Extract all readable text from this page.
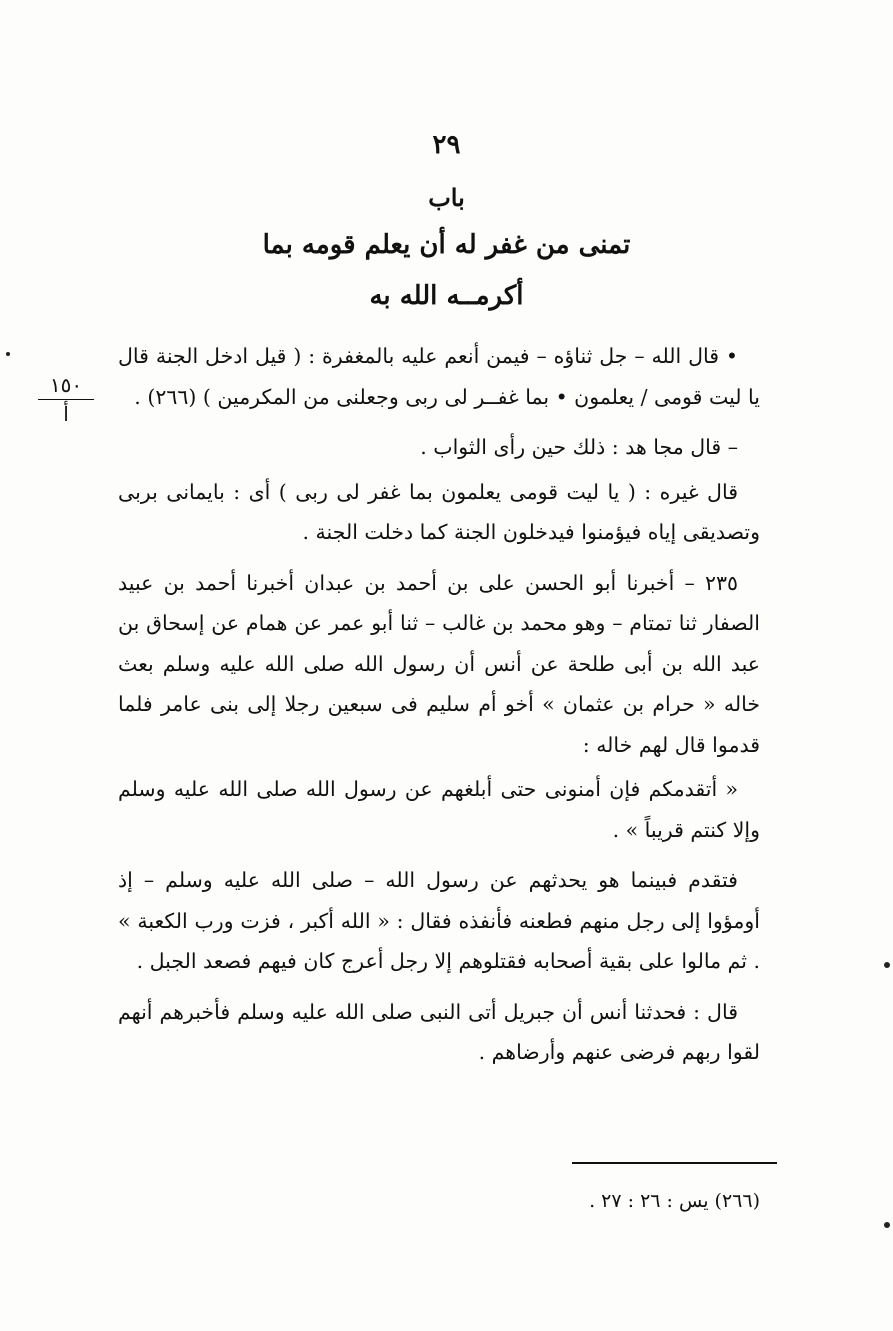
٢٩
باب
تمنى من غفر له أن يعلم قومه بما
أكرمــه الله به
١٥٠
أ

• قال الله – جل ثناؤه – فيمن أنعم عليه بالمغفرة : ( قيل ادخل الجنة قال يا ليت قومى / يعلمون • بما غفــر لى ربى وجعلنى من المكرمين ) (٢٦٦) .

– قال مجا هد : ذلك حين رأى الثواب .

قال غيره : ( يا ليت قومى يعلمون بما غفر لى ربى ) أى : بايمانى بربى وتصديقى إياه فيؤمنوا فيدخلون الجنة كما دخلت الجنة .

٢٣٥ – أخبرنا أبو الحسن على بن أحمد بن عبدان أخبرنا أحمد بن عبيد الصفار ثنا تمتام – وهو محمد بن غالب – ثنا أبو عمر عن همام عن إسحاق بن عبد الله بن أبى طلحة عن أنس أن رسول الله صلى الله عليه وسلم بعث خاله « حرام بن عثمان » أخو أم سليم فى سبعين رجلا إلى بنى عامر فلما قدموا قال لهم خاله :

« أتقدمكم فإن أمنونى حتى أبلغهم عن رسول الله صلى الله عليه وسلم وإلا كنتم قريباً » .

فتقدم فبينما هو يحدثهم عن رسول الله – صلى الله عليه وسلم – إذ أومؤوا إلى رجل منهم فطعنه فأنفذه فقال : « الله أكبر ، فزت ورب الكعبة » . ثم مالوا على بقية أصحابه فقتلوهم إلا رجل أعرج كان فيهم فصعد الجبل .

قال : فحدثنا أنس أن جبريل أتى النبى صلى الله عليه وسلم فأخبرهم أنهم لقوا ربهم فرضى عنهم وأرضاهم .

(٢٦٦) يس : ٢٦ : ٢٧ .
